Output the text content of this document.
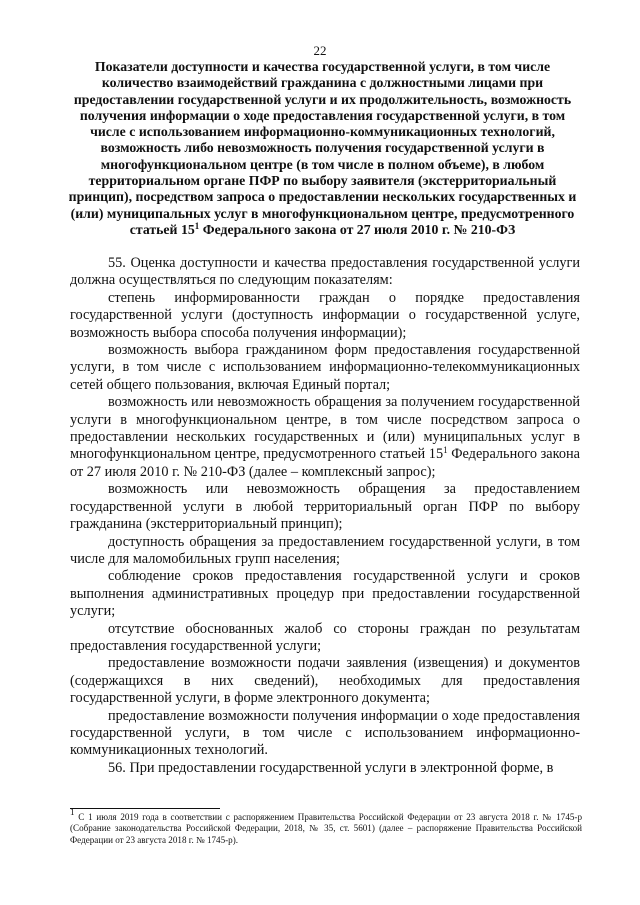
22
Показатели доступности и качества государственной услуги, в том числе количество взаимодействий гражданина с должностными лицами при предоставлении государственной услуги и их продолжительность, возможность получения информации о ходе предоставления государственной услуги, в том числе с использованием информационно-коммуникационных технологий, возможность либо невозможность получения государственной услуги в многофункциональном центре (в том числе в полном объеме), в любом территориальном органе ПФР по выбору заявителя (экстерриториальный принцип), посредством запроса о предоставлении нескольких государственных и (или) муниципальных услуг в многофункциональном центре, предусмотренного статьей $15^1$ Федерального закона от 27 июля 2010 г. № 210-ФЗ

55. Оценка доступности и качества предоставления государственной услуги должна осуществляться по следующим показателям:

степень информированности граждан о порядке предоставления государственной услуги (доступность информации о государственной услуге, возможность выбора способа получения информации);

возможность выбора гражданином форм предоставления государственной услуги, в том числе с использованием информационно-телекоммуникационных сетей общего пользования, включая Единый портал;

возможность или невозможность обращения за получением государственной услуги в многофункциональном центре, в том числе посредством запроса о предоставлении нескольких государственных и (или) муниципальных услуг в многофункциональном центре, предусмотренного статьей $15^1$ Федерального закона от 27 июля 2010 г. № 210-ФЗ (далее – комплексный запрос);

возможность или невозможность обращения за предоставлением государственной услуги в любой территориальный орган ПФР по выбору гражданина (экстерриториальный принцип);

доступность обращения за предоставлением государственной услуги, в том числе для маломобильных групп населения;

соблюдение сроков предоставления государственной услуги и сроков выполнения административных процедур при предоставлении государственной услуги;

отсутствие обоснованных жалоб со стороны граждан по результатам предоставления государственной услуги;

предоставление возможности подачи заявления (извещения) и документов (содержащихся в них сведений), необходимых для предоставления государственной услуги, в форме электронного документа;

предоставление возможности получения информации о ходе предоставления государственной услуги, в том числе с использованием информационно-коммуникационных технологий.

56. При предоставлении государственной услуги в электронной форме, в

$^1$ С 1 июля 2019 года в соответствии с распоряжением Правительства Российской Федерации от 23 августа 2018 г. № 1745-р (Собрание законодательства Российской Федерации, 2018, № 35, ст. 5601) (далее – распоряжение Правительства Российской Федерации от 23 августа 2018 г. № 1745-р).
